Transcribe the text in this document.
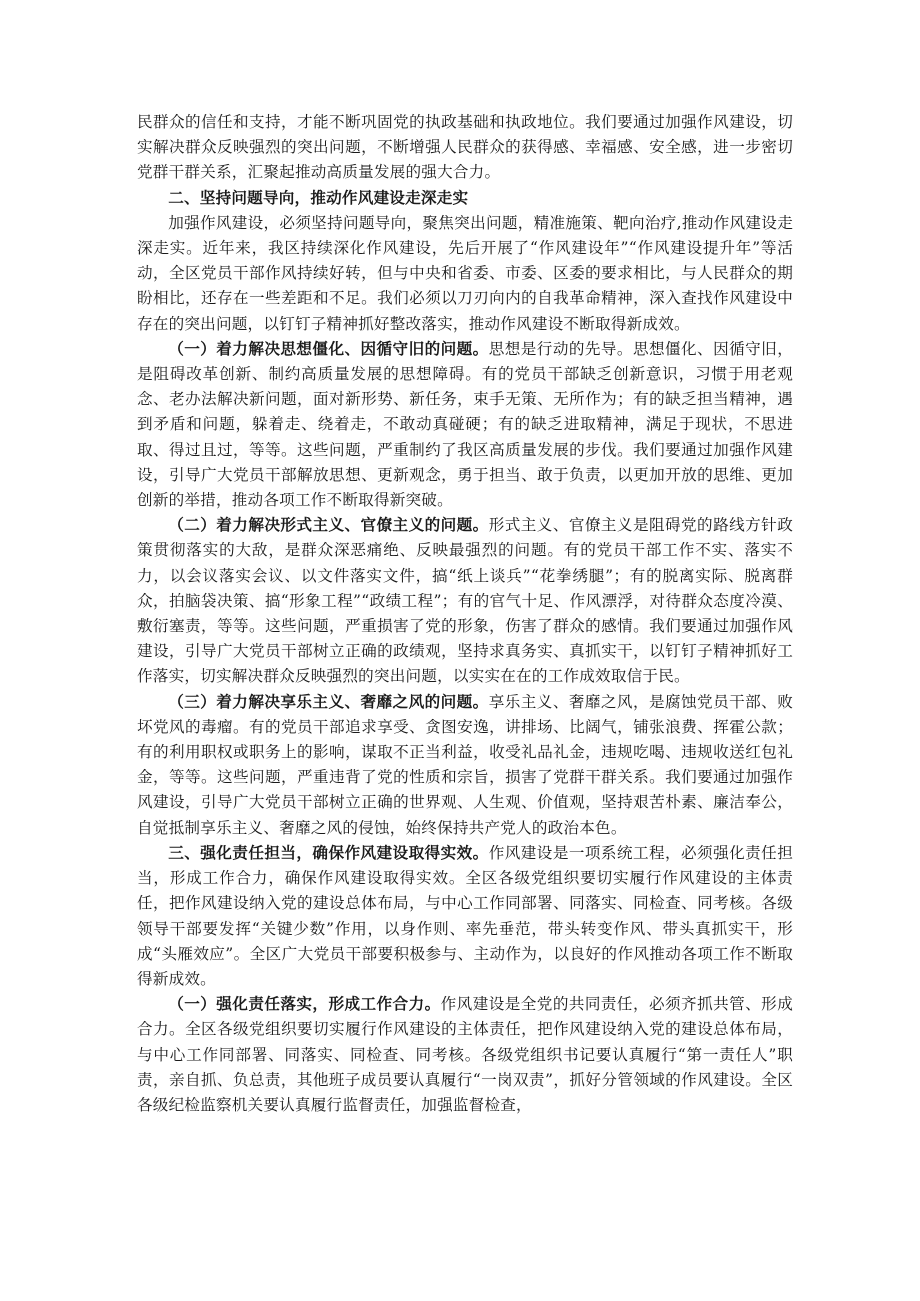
民群众的信任和支持，才能不断巩固党的执政基础和执政地位。我们要通过加强作风建设，切实解决群众反映强烈的突出问题，不断增强人民群众的获得感、幸福感、安全感，进一步密切党群干群关系，汇聚起推动高质量发展的强大合力。

二、坚持问题导向，推动作风建设走深走实

加强作风建设，必须坚持问题导向，聚焦突出问题，精准施策、靶向治疗,推动作风建设走深走实。近年来，我区持续深化作风建设，先后开展了“作风建设年”“作风建设提升年”等活动，全区党员干部作风持续好转，但与中央和省委、市委、区委的要求相比，与人民群众的期盼相比，还存在一些差距和不足。我们必须以刀刃向内的自我革命精神，深入查找作风建设中存在的突出问题，以钉钉子精神抓好整改落实，推动作风建设不断取得新成效。

（一）着力解决思想僵化、因循守旧的问题。思想是行动的先导。思想僵化、因循守旧，是阻碍改革创新、制约高质量发展的思想障碍。有的党员干部缺乏创新意识，习惯于用老观念、老办法解决新问题，面对新形势、新任务，束手无策、无所作为；有的缺乏担当精神，遇到矛盾和问题，躲着走、绕着走，不敢动真碰硬；有的缺乏进取精神，满足于现状，不思进取、得过且过，等等。这些问题，严重制约了我区高质量发展的步伐。我们要通过加强作风建设，引导广大党员干部解放思想、更新观念，勇于担当、敢于负责，以更加开放的思维、更加创新的举措，推动各项工作不断取得新突破。

（二）着力解决形式主义、官僚主义的问题。形式主义、官僚主义是阻碍党的路线方针政策贯彻落实的大敌，是群众深恶痛绝、反映最强烈的问题。有的党员干部工作不实、落实不力，以会议落实会议、以文件落实文件，搞“纸上谈兵”“花拳绣腿”；有的脱离实际、脱离群众，拍脑袋决策、搞“形象工程”“政绩工程”；有的官气十足、作风漂浮，对待群众态度冷漠、敷衍塞责，等等。这些问题，严重损害了党的形象，伤害了群众的感情。我们要通过加强作风建设，引导广大党员干部树立正确的政绩观，坚持求真务实、真抓实干，以钉钉子精神抓好工作落实，切实解决群众反映强烈的突出问题，以实实在在的工作成效取信于民。

（三）着力解决享乐主义、奢靡之风的问题。享乐主义、奢靡之风，是腐蚀党员干部、败坏党风的毒瘤。有的党员干部追求享受、贪图安逸，讲排场、比阔气，铺张浪费、挥霍公款；有的利用职权或职务上的影响，谋取不正当利益，收受礼品礼金，违规吃喝、违规收送红包礼金，等等。这些问题，严重违背了党的性质和宗旨，损害了党群干群关系。我们要通过加强作风建设，引导广大党员干部树立正确的世界观、人生观、价值观，坚持艰苦朴素、廉洁奉公，自觉抵制享乐主义、奢靡之风的侵蚀，始终保持共产党人的政治本色。

三、强化责任担当，确保作风建设取得实效。作风建设是一项系统工程，必须强化责任担当，形成工作合力，确保作风建设取得实效。全区各级党组织要切实履行作风建设的主体责任，把作风建设纳入党的建设总体布局，与中心工作同部署、同落实、同检查、同考核。各级领导干部要发挥“关键少数”作用，以身作则、率先垂范，带头转变作风、带头真抓实干，形成“头雁效应”。全区广大党员干部要积极参与、主动作为，以良好的作风推动各项工作不断取得新成效。

（一）强化责任落实，形成工作合力。作风建设是全党的共同责任，必须齐抓共管、形成合力。全区各级党组织要切实履行作风建设的主体责任，把作风建设纳入党的建设总体布局，与中心工作同部署、同落实、同检查、同考核。各级党组织书记要认真履行“第一责任人”职责，亲自抓、负总责，其他班子成员要认真履行“一岗双责”，抓好分管领域的作风建设。全区各级纪检监察机关要认真履行监督责任，加强监督检查，
